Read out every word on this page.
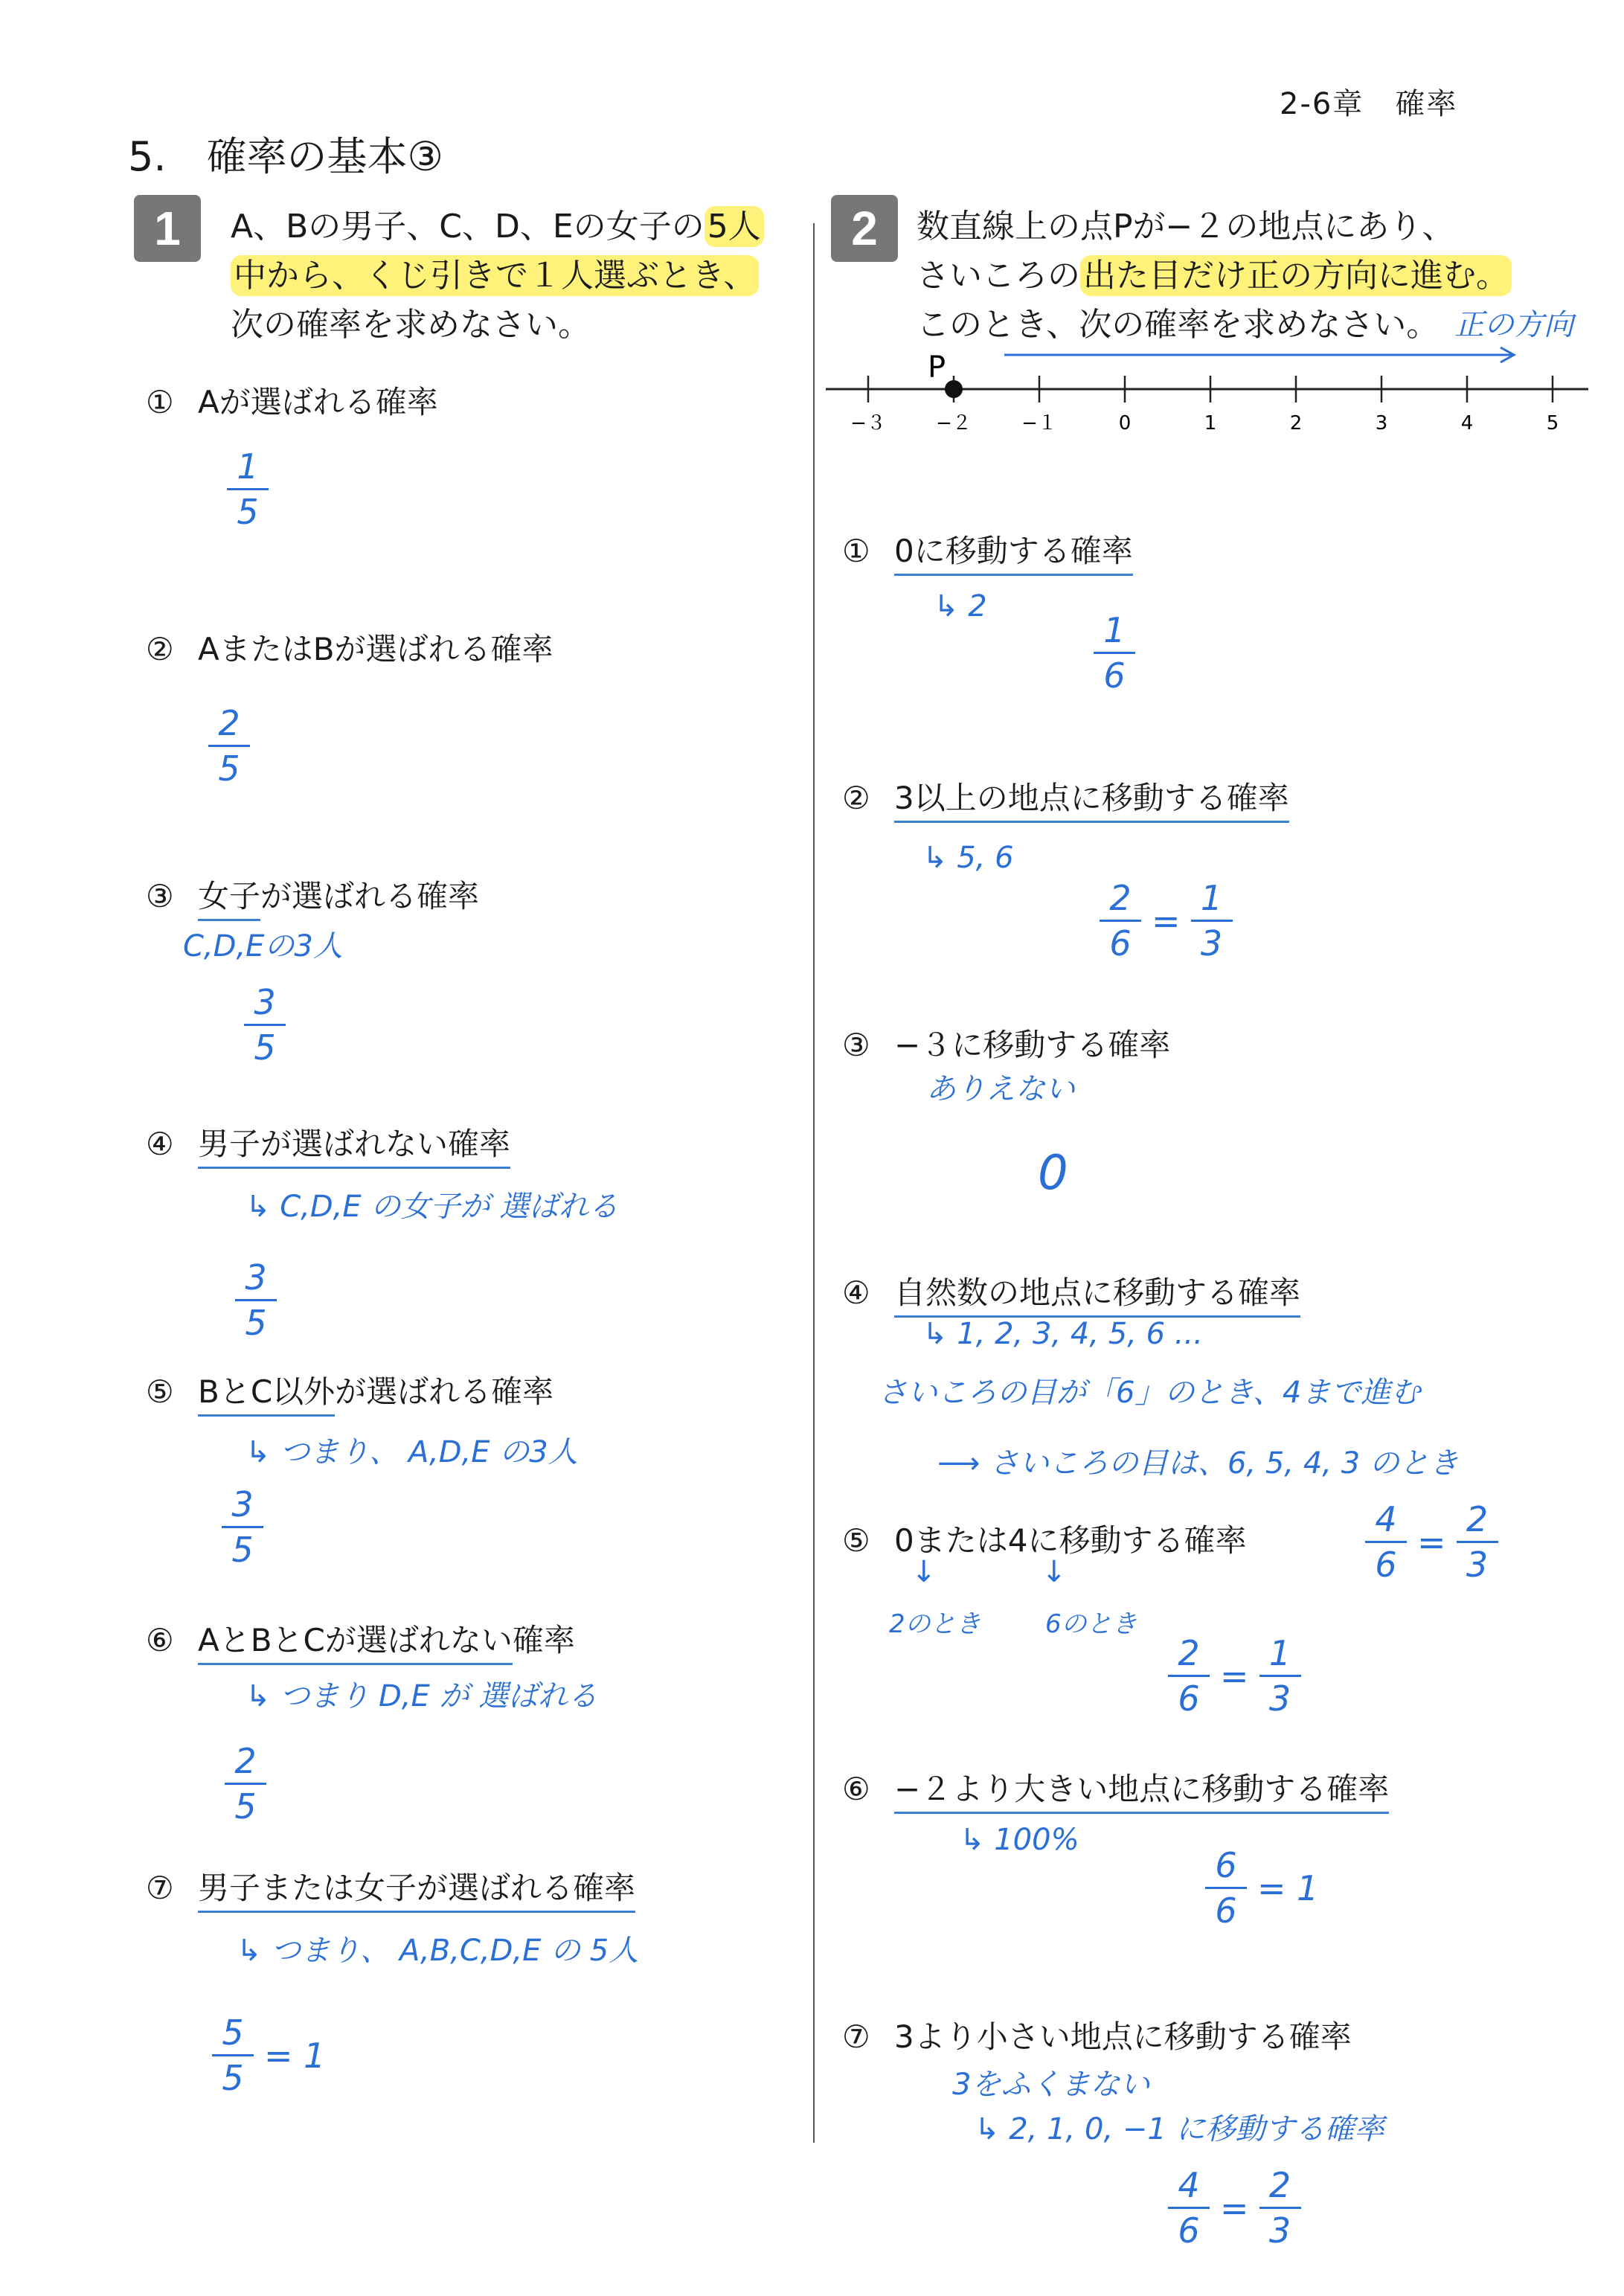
2-6章　確率
5.　確率の基本③
1	A、Bの男子、C、D、Eの女子の5人
中から、くじ引きで１人選ぶとき、
次の確率を求めなさい。
① Aが選ばれる確率
1
5
② AまたはBが選ばれる確率
2
5
③ 女子が選ばれる確率
C,D,Eの3人
3
5
④ 男子が選ばれない確率
↳ C,D,E の女子が 選ばれる
3
5
⑤ BとC以外が選ばれる確率
↳ つまり、 A,D,E の3人
3
5
⑥ AとBとCが選ばれない確率
↳ つまり D,E が 選ばれる
2
5
⑦ 男子または女子が選ばれる確率
↳ つまり、 A,B,C,D,E の 5人
$\frac{5}{5} = 1$
2	数直線上の点Pが−２の地点にあり、
さいころの出た目だけ正の方向に進む。
このとき、次の確率を求めなさい。 正の方向
−３	−２	−１	0	1	2	3	4	5
P
① 0に移動する確率
↳ 2
1
6
② 3以上の地点に移動する確率
↳ 5, 6
$\frac{2}{6} = \frac{1}{3}$
③ −３に移動する確率
ありえない
0
④ 自然数の地点に移動する確率
↳ 1, 2, 3, 4, 5, 6 ...
さいころの目が「6」のとき、4まで進む
⟶ さいころの目は、6, 5, 4, 3 のとき
$\frac{4}{6} = \frac{2}{3}$
⑤ 0または4に移動する確率
↓
2のとき
↓
6のとき
$\frac{2}{6} = \frac{1}{3}$
⑥ −２より大きい地点に移動する確率
↳ 100%
$\frac{6}{6} = 1$
⑦ 3より小さい地点に移動する確率
3をふくまない
↳ 2, 1, 0, −1 に移動する確率
$\frac{4}{6} = \frac{2}{3}$
